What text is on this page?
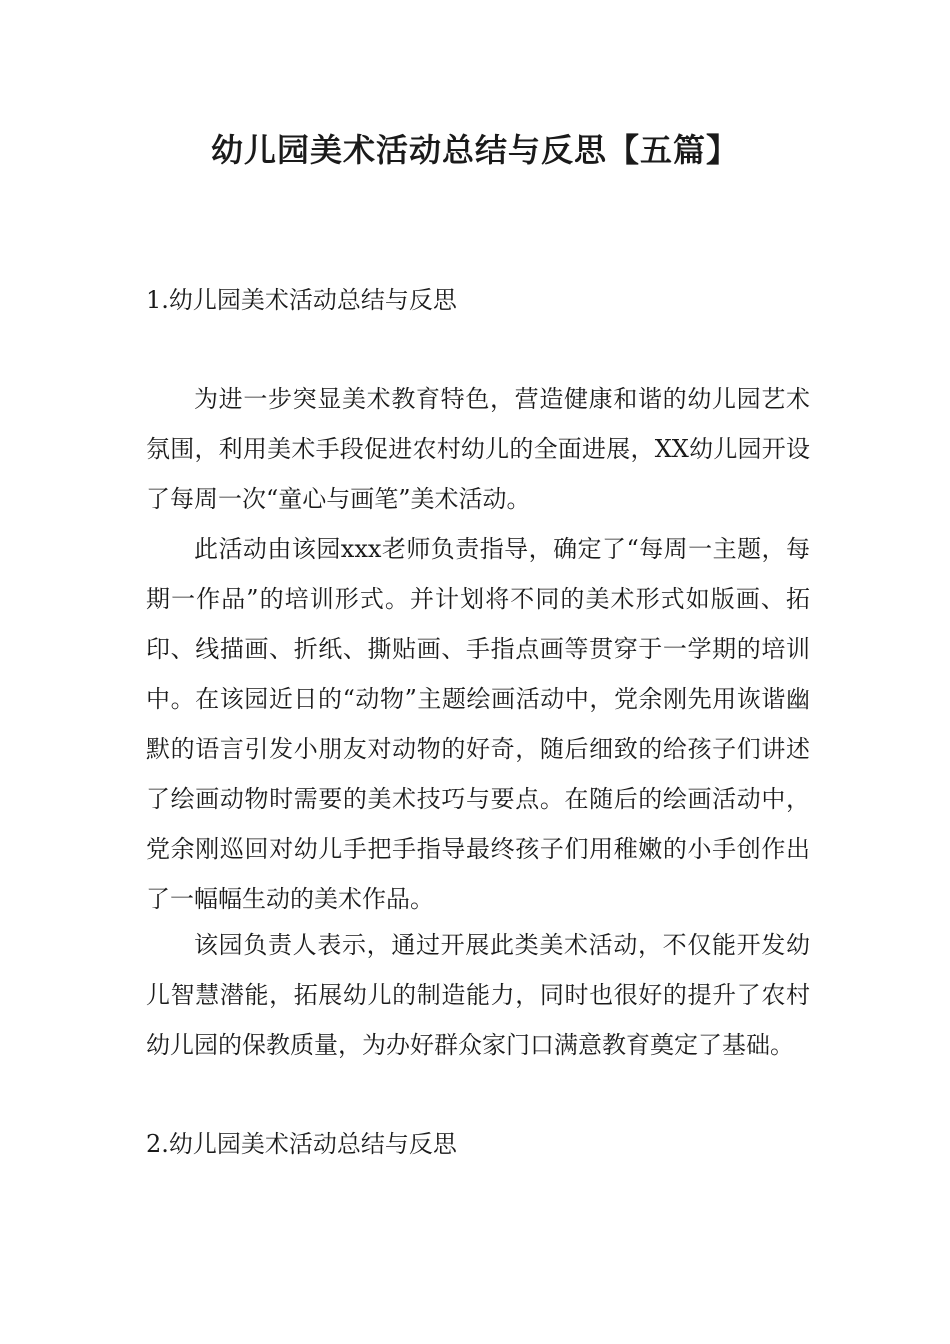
幼儿园美术活动总结与反思【五篇】

1.幼儿园美术活动总结与反思

为进一步突显美术教育特色，营造健康和谐的幼儿园艺术氛围，利用美术手段促进农村幼儿的全面进展，XX幼儿园开设了每周一次“童心与画笔”美术活动。

此活动由该园xxx老师负责指导，确定了“每周一主题，每期一作品”的培训形式。并计划将不同的美术形式如版画、拓印、线描画、折纸、撕贴画、手指点画等贯穿于一学期的培训中。在该园近日的“动物”主题绘画活动中，党余刚先用诙谐幽默的语言引发小朋友对动物的好奇，随后细致的给孩子们讲述了绘画动物时需要的美术技巧与要点。在随后的绘画活动中，党余刚巡回对幼儿手把手指导最终孩子们用稚嫩的小手创作出了一幅幅生动的美术作品。

该园负责人表示，通过开展此类美术活动，不仅能开发幼儿智慧潜能，拓展幼儿的制造能力，同时也很好的提升了农村幼儿园的保教质量，为办好群众家门口满意教育奠定了基础。

2.幼儿园美术活动总结与反思
